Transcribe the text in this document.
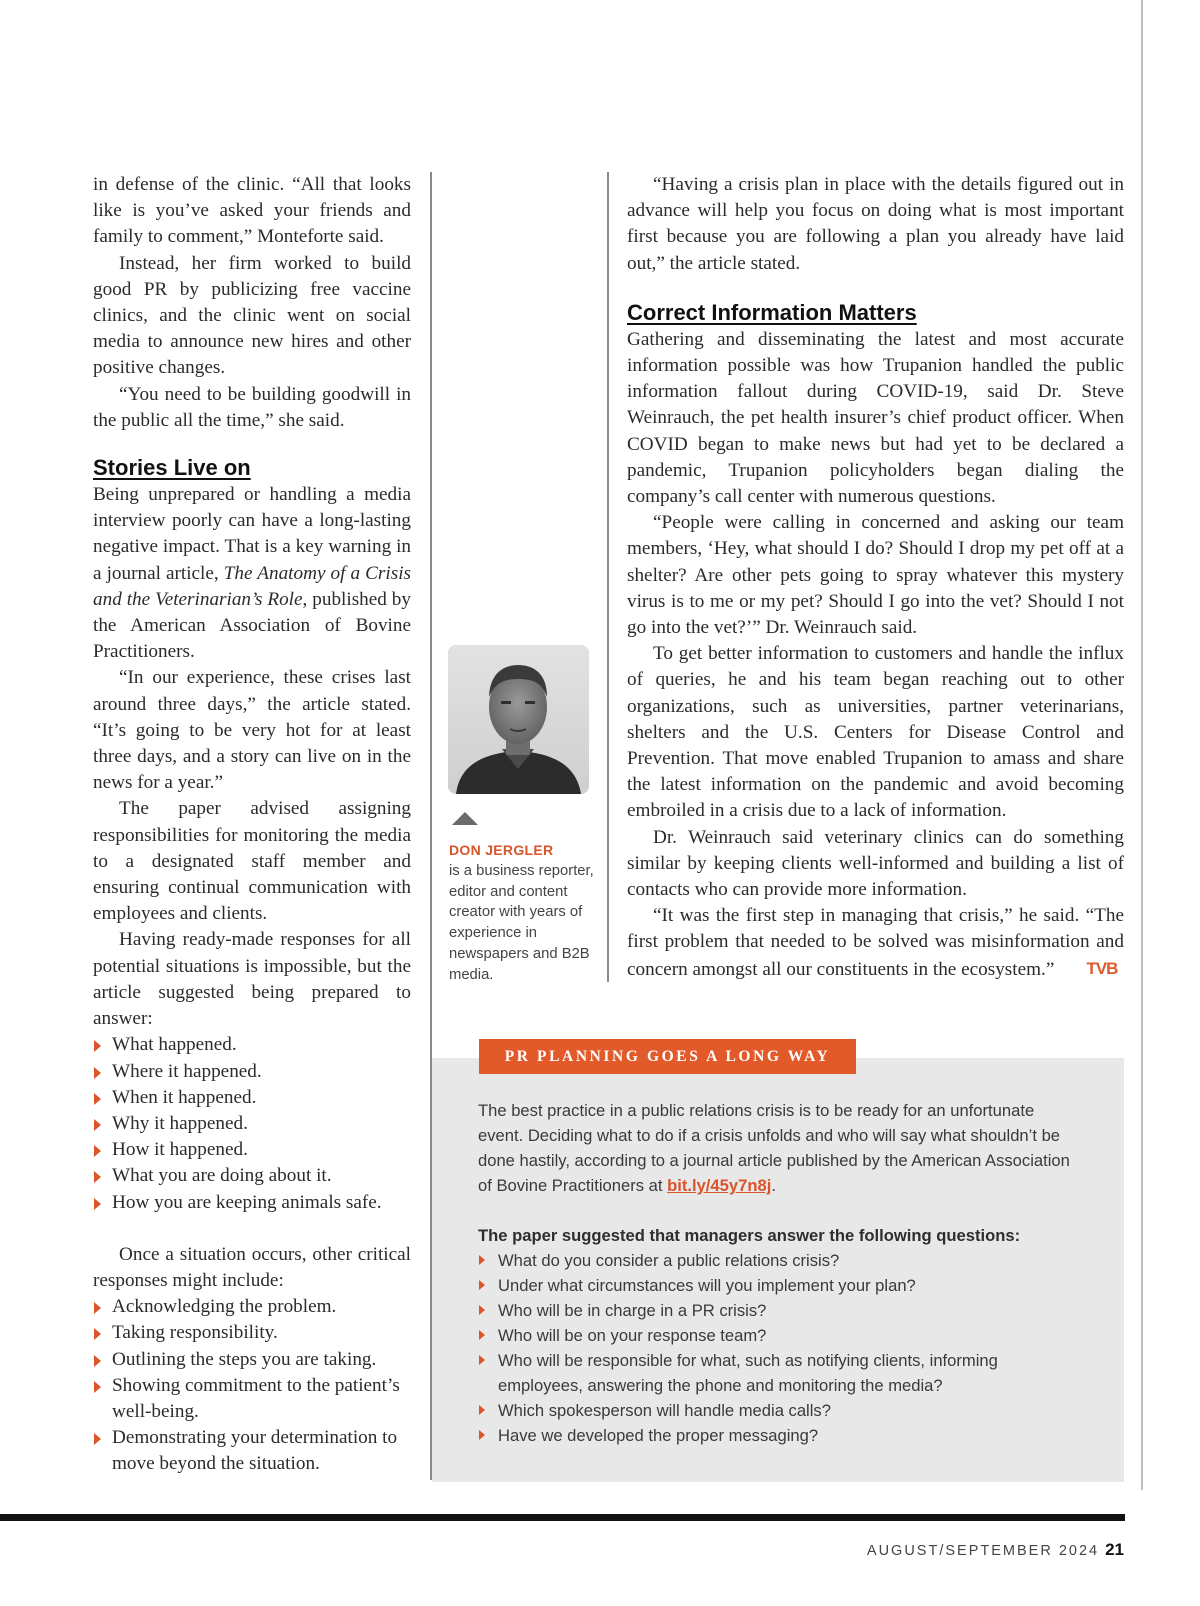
in defense of the clinic. “All that looks like is you’ve asked your friends and family to comment,” Monteforte said.

Instead, her firm worked to build good PR by publicizing free vaccine clinics, and the clinic went on social media to announce new hires and other positive changes.

“You need to be building goodwill in the public all the time,” she said.

Stories Live on

Being unprepared or handling a media interview poorly can have a long-lasting negative impact. That is a key warning in a journal article, The Anatomy of a Crisis and the Veterinarian’s Role, published by the American Association of Bovine Practitioners.

“In our experience, these crises last around three days,” the article stated. “It’s going to be very hot for at least three days, and a story can live on in the news for a year.”

The paper advised assigning responsibilities for monitoring the media to a designated staff member and ensuring continual communication with employees and clients.

Having ready-made responses for all potential situations is impossible, but the article suggested being prepared to answer:

What happened.
Where it happened.
When it happened.
Why it happened.
How it happened.
What you are doing about it.
How you are keeping animals safe.

Once a situation occurs, other critical responses might include:

Acknowledging the problem.
Taking responsibility.
Outlining the steps you are taking.
Showing commitment to the patient’s well-being.
Demonstrating your determination to move beyond the situation.
DON JERGLER
is a business reporter, editor and content creator with years of experience in newspapers and B2B media.

“Having a crisis plan in place with the details figured out in advance will help you focus on doing what is most important first because you are following a plan you already have laid out,” the article stated.

Correct Information Matters

Gathering and disseminating the latest and most accurate information possible was how Trupanion handled the public information fallout during COVID-19, said Dr. Steve Weinrauch, the pet health insurer’s chief product officer. When COVID began to make news but had yet to be declared a pandemic, Trupanion policyholders began dialing the company’s call center with numerous questions.

“People were calling in concerned and asking our team members, ‘Hey, what should I do? Should I drop my pet off at a shelter? Are other pets going to spray whatever this mystery virus is to me or my pet? Should I go into the vet? Should I not go into the vet?’” Dr. Weinrauch said.

To get better information to customers and handle the influx of queries, he and his team began reaching out to other organizations, such as universities, partner veterinarians, shelters and the U.S. Centers for Disease Control and Prevention. That move enabled Trupanion to amass and share the latest information on the pandemic and avoid becoming embroiled in a crisis due to a lack of information.

Dr. Weinrauch said veterinary clinics can do something similar by keeping clients well-informed and building a list of contacts who can provide more information.

“It was the first step in managing that crisis,” he said. “The first problem that needed to be solved was misinformation and concern amongst all our constituents in the ecosystem.” TVB

PR PLANNING GOES A LONG WAY

The best practice in a public relations crisis is to be ready for an unfortunate event. Deciding what to do if a crisis unfolds and who will say what shouldn’t be done hastily, according to a journal article published by the American Association of Bovine Practitioners at bit.ly/45y7n8j.

The paper suggested that managers answer the following questions:

What do you consider a public relations crisis?
Under what circumstances will you implement your plan?
Who will be in charge in a PR crisis?
Who will be on your response team?
Who will be responsible for what, such as notifying clients, informing employees, answering the phone and monitoring the media?
Which spokesperson will handle media calls?
Have we developed the proper messaging?
AUGUST/SEPTEMBER 2024 21
